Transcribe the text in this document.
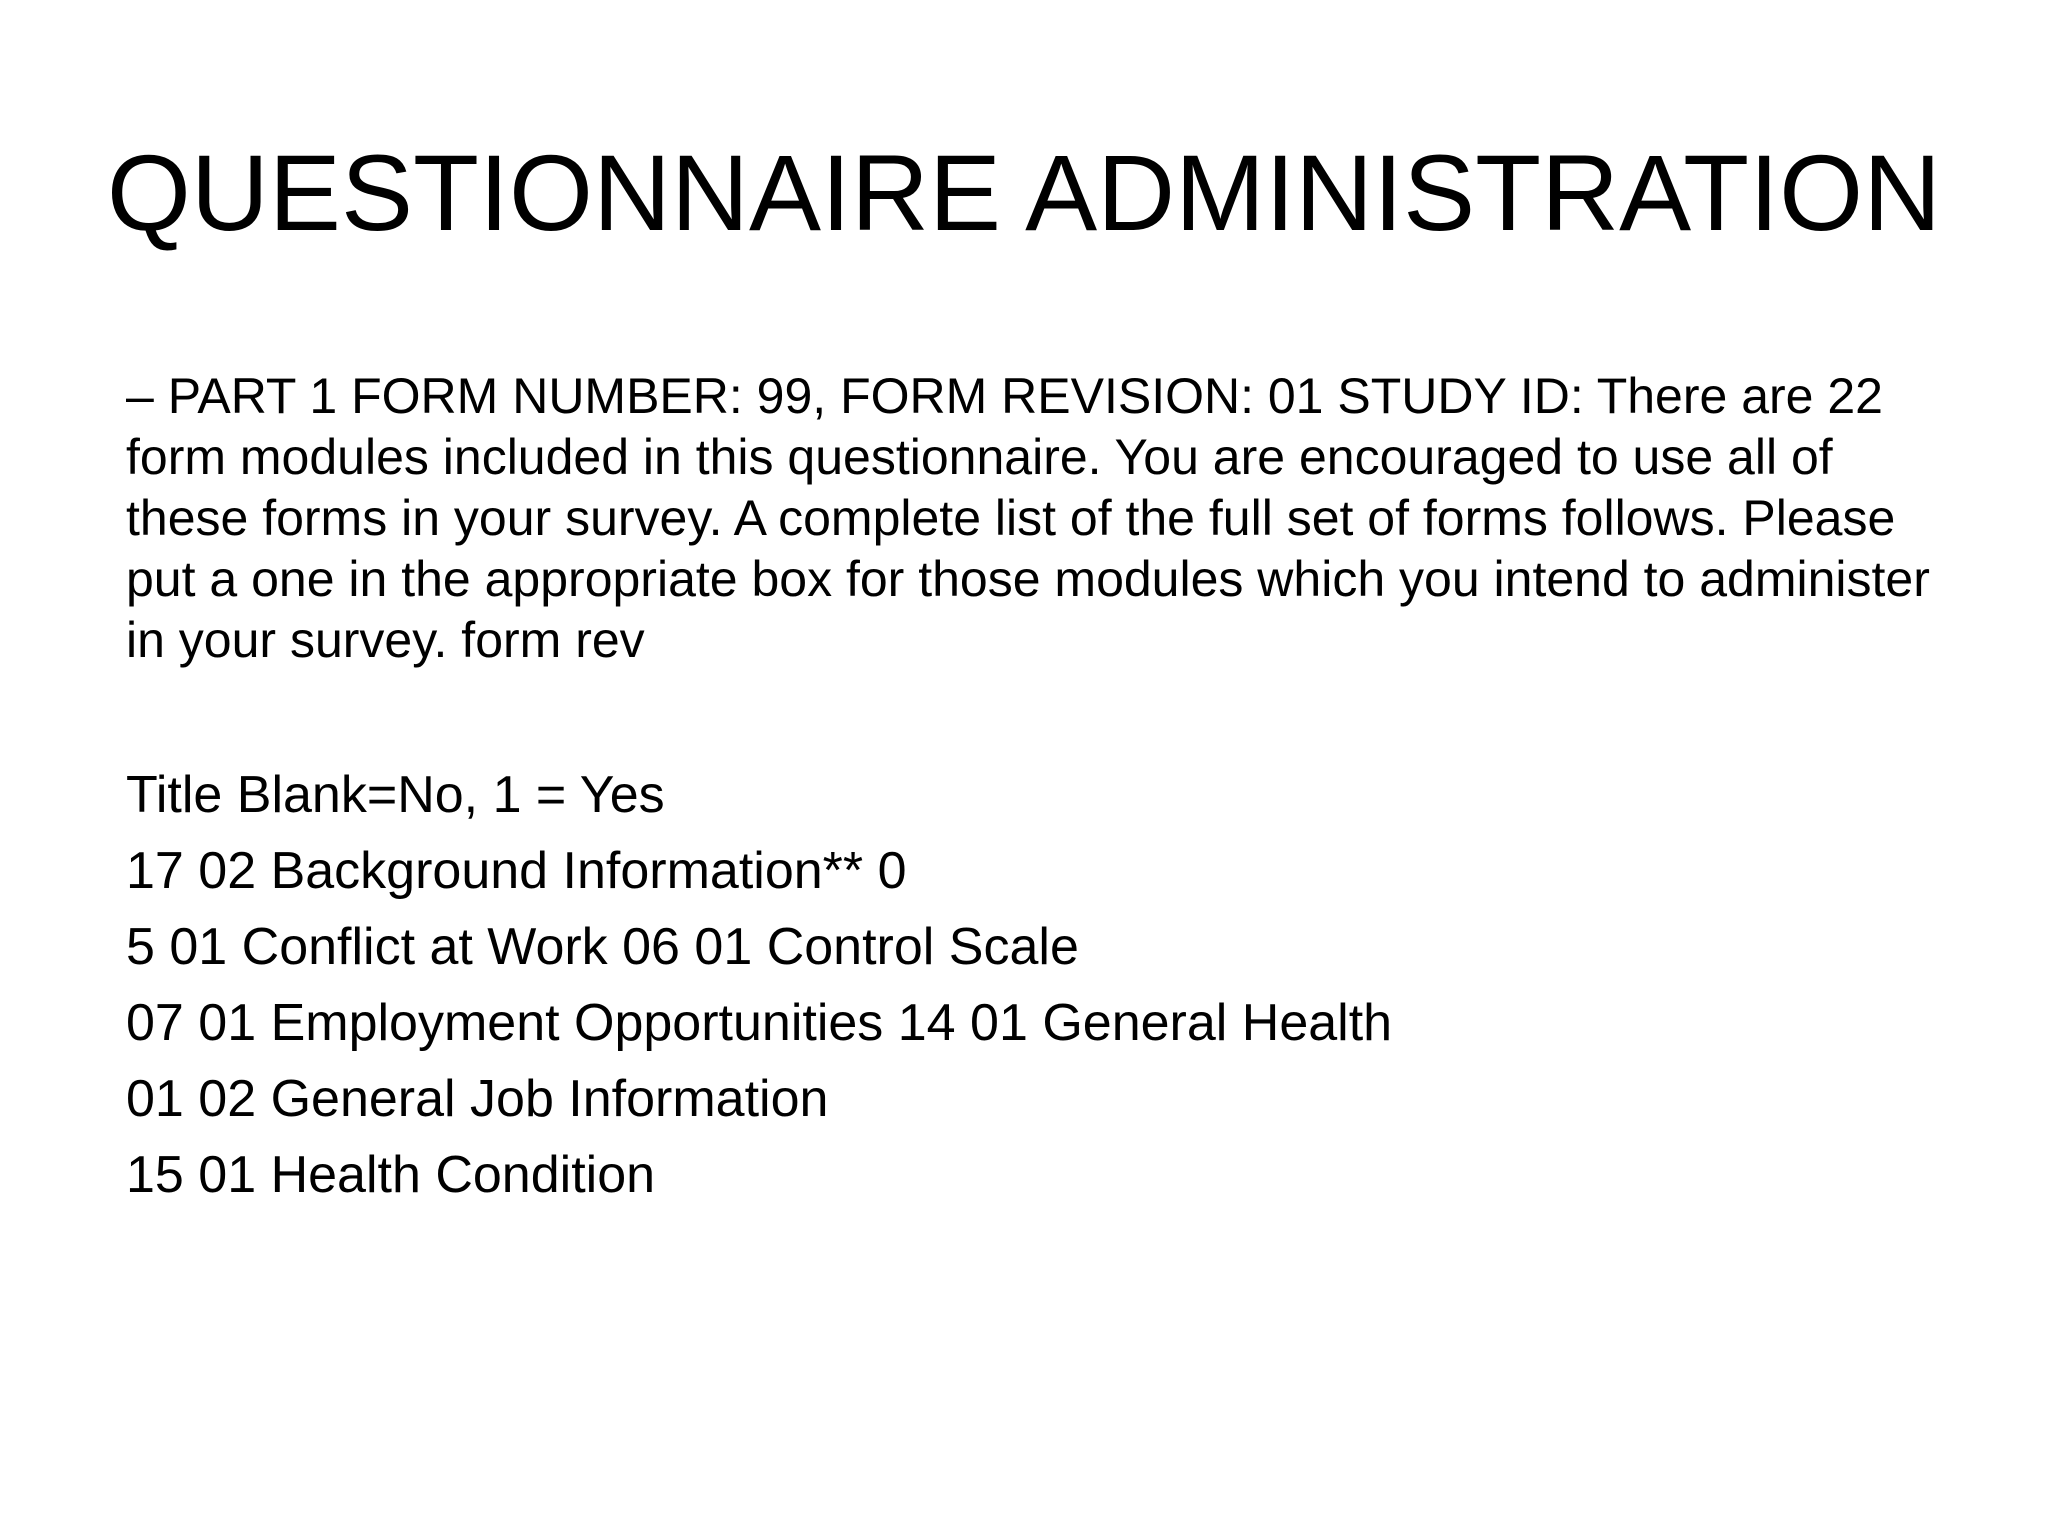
QUESTIONNAIRE ADMINISTRATION

– PART 1 FORM NUMBER: 99, FORM REVISION: 01 STUDY ID: There are 22 form modules included in this questionnaire. You are encouraged to use all of these forms in your survey. A complete list of the full set of forms follows. Please put a one in the appropriate box for those modules which you intend to administer in your survey. form rev

Title Blank=No, 1 = Yes
17 02 Background Information** 0
5 01 Conflict at Work 06 01 Control Scale
07 01 Employment Opportunities 14 01 General Health
01 02 General Job Information
15 01 Health Condition
